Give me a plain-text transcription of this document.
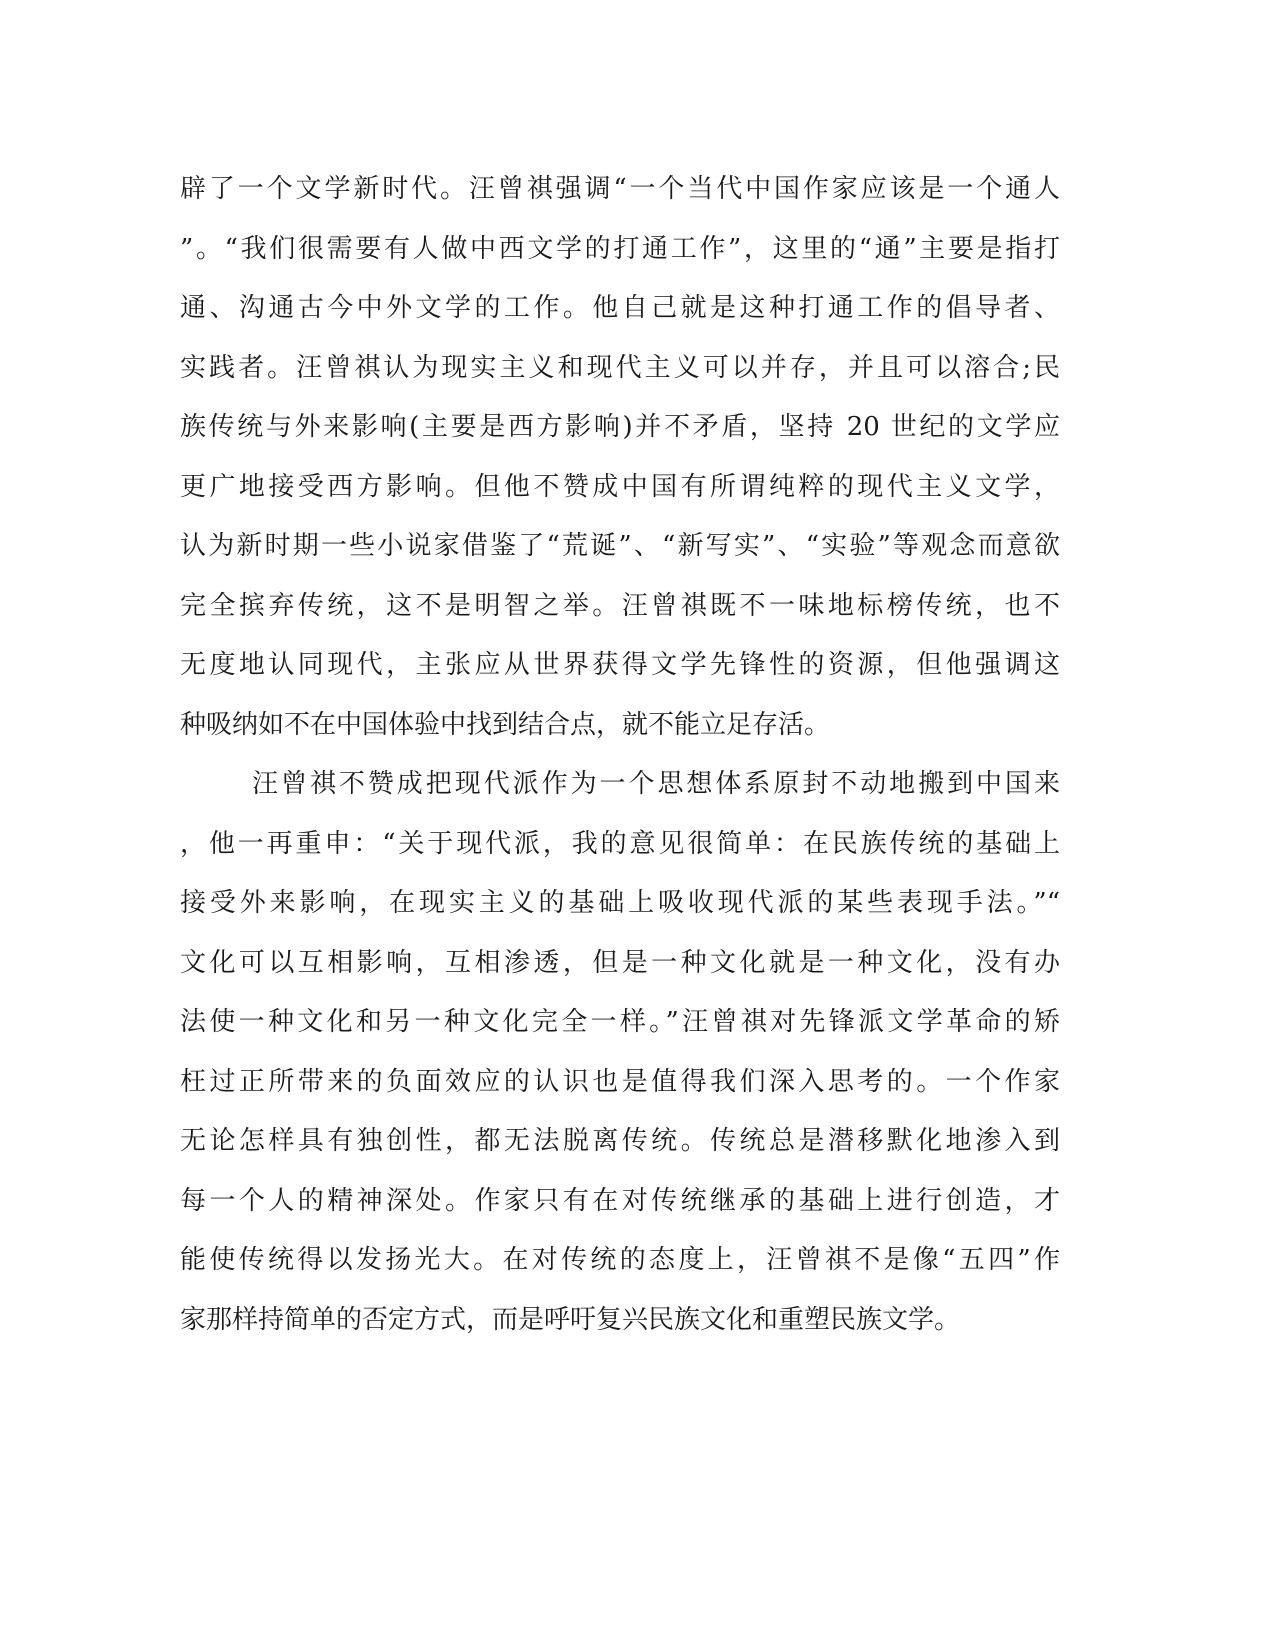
辟了一个文学新时代。汪曾祺强调“一个当代中国作家应该是一个通人
”。“我们很需要有人做中西文学的打通工作”，这里的“通”主要是指打
通、沟通古今中外文学的工作。他自己就是这种打通工作的倡导者、
实践者。汪曾祺认为现实主义和现代主义可以并存，并且可以溶合;民
族传统与外来影响(主要是西方影响)并不矛盾，坚持 20 世纪的文学应
更广地接受西方影响。但他不赞成中国有所谓纯粹的现代主义文学，
认为新时期一些小说家借鉴了“荒诞”、“新写实”、“实验”等观念而意欲
完全摈弃传统，这不是明智之举。汪曾祺既不一味地标榜传统，也不
无度地认同现代，主张应从世界获得文学先锋性的资源，但他强调这
种吸纳如不在中国体验中找到结合点，就不能立足存活。
汪曾祺不赞成把现代派作为一个思想体系原封不动地搬到中国来
，他一再重申：“关于现代派，我的意见很简单：在民族传统的基础上
接受外来影响，在现实主义的基础上吸收现代派的某些表现手法。”“
文化可以互相影响，互相渗透，但是一种文化就是一种文化，没有办
法使一种文化和另一种文化完全一样。”汪曾祺对先锋派文学革命的矫
枉过正所带来的负面效应的认识也是值得我们深入思考的。一个作家
无论怎样具有独创性，都无法脱离传统。传统总是潜移默化地渗入到
每一个人的精神深处。作家只有在对传统继承的基础上进行创造，才
能使传统得以发扬光大。在对传统的态度上，汪曾祺不是像“五四”作
家那样持简单的否定方式，而是呼吁复兴民族文化和重塑民族文学。
